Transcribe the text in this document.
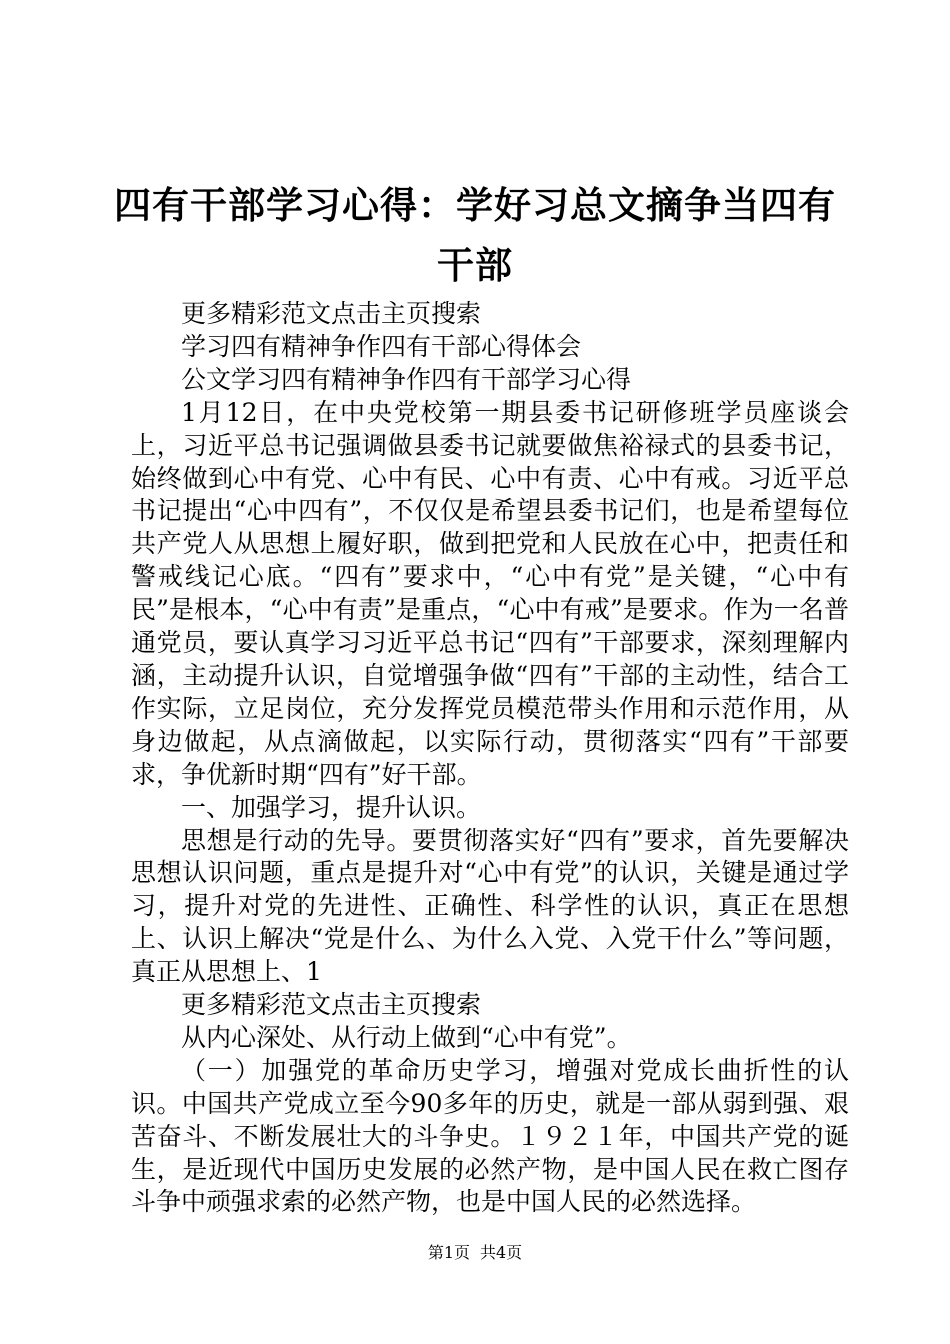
四有干部学习心得：学好习总文摘争当四有干部

更多精彩范文点击主页搜索

学习四有精神争作四有干部心得体会

公文学习四有精神争作四有干部学习心得

1月12日，在中央党校第一期县委书记研修班学员座谈会上，习近平总书记强调做县委书记就要做焦裕禄式的县委书记，始终做到心中有党、心中有民、心中有责、心中有戒。习近平总书记提出“心中四有”，不仅仅是希望县委书记们，也是希望每位共产党人从思想上履好职，做到把党和人民放在心中，把责任和警戒线记心底。“四有”要求中，“心中有党”是关键，“心中有民”是根本，“心中有责”是重点，“心中有戒”是要求。作为一名普通党员，要认真学习习近平总书记“四有”干部要求，深刻理解内涵，主动提升认识，自觉增强争做“四有”干部的主动性，结合工作实际，立足岗位，充分发挥党员模范带头作用和示范作用，从身边做起，从点滴做起，以实际行动，贯彻落实“四有”干部要求，争优新时期“四有”好干部。

一、加强学习，提升认识。

思想是行动的先导。要贯彻落实好“四有”要求，首先要解决思想认识问题，重点是提升对“心中有党”的认识，关键是通过学习，提升对党的先进性、正确性、科学性的认识，真正在思想上、认识上解决“党是什么、为什么入党、入党干什么”等问题，真正从思想上、1

更多精彩范文点击主页搜索

从内心深处、从行动上做到“心中有党”。

（一）加强党的革命历史学习，增强对党成长曲折性的认识。中国共产党成立至今90多年的历史，就是一部从弱到强、艰苦奋斗、不断发展壮大的斗争史。１９２１年，中国共产党的诞生，是近现代中国历史发展的必然产物，是中国人民在救亡图存斗争中顽强求索的必然产物，也是中国人民的必然选择。

第1页 共4页
